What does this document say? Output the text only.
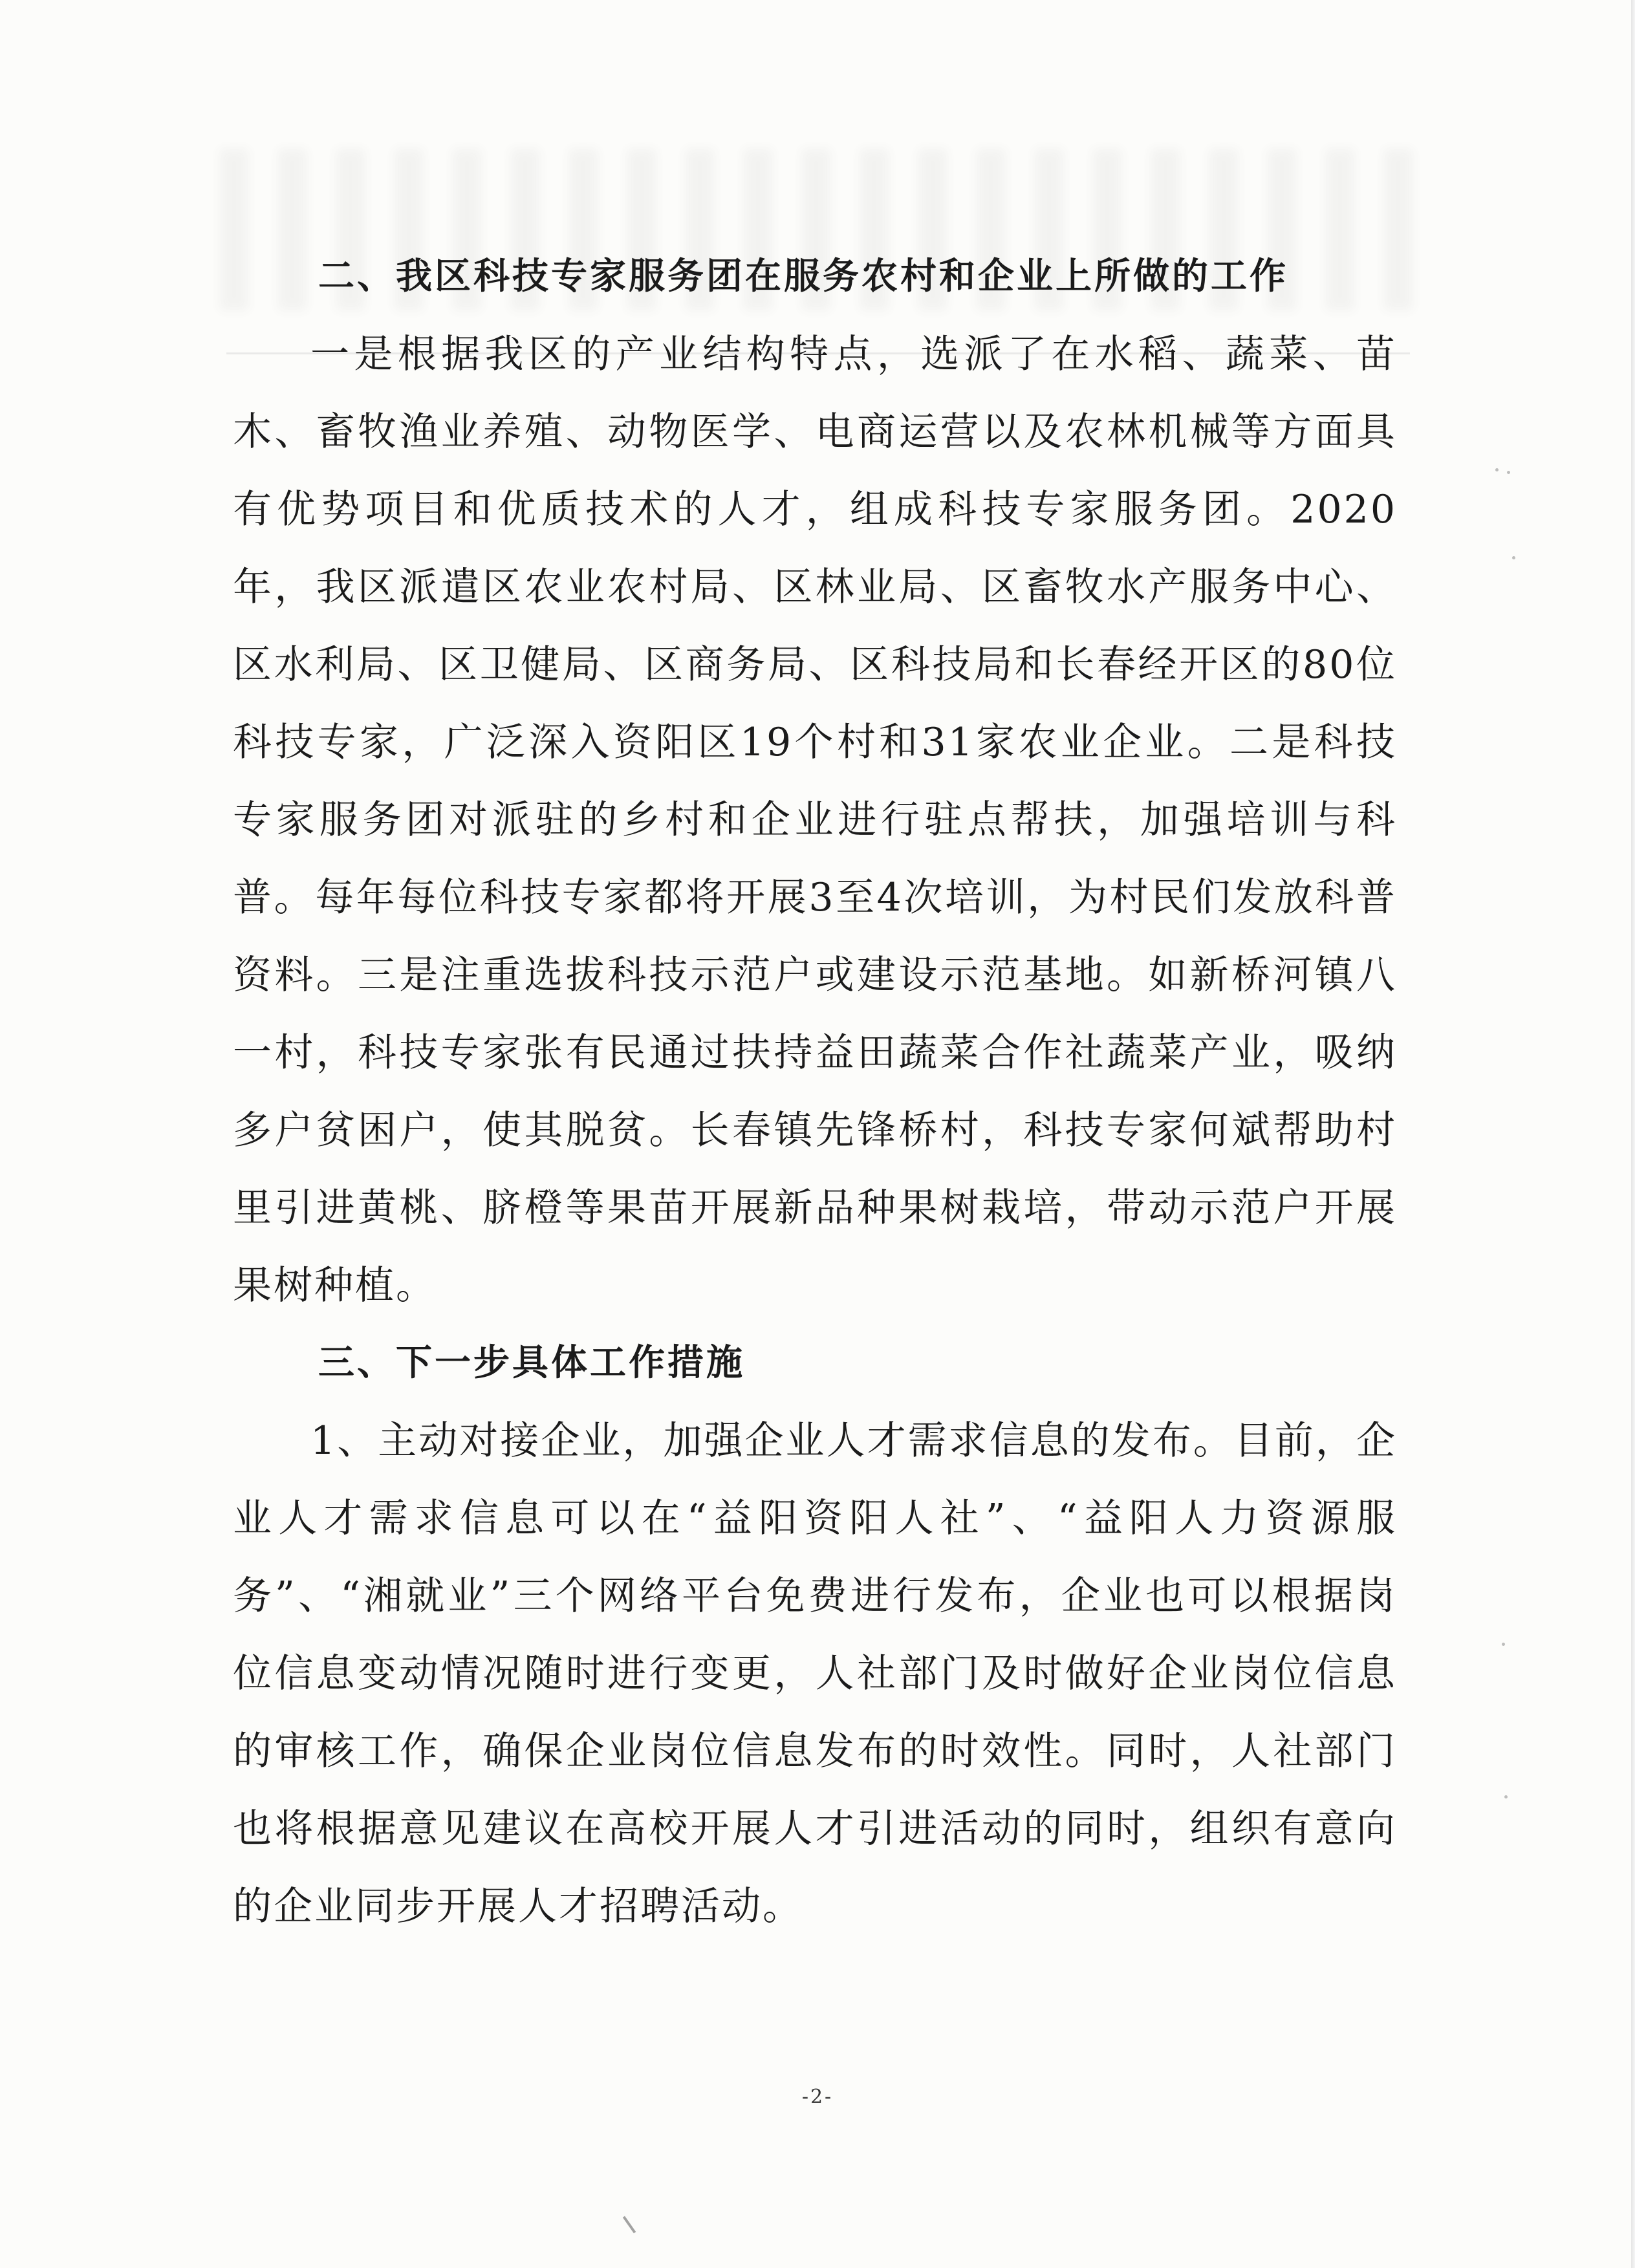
二、我区科技专家服务团在服务农村和企业上所做的工作

一是根据我区的产业结构特点，选派了在水稻、蔬菜、苗木、畜牧渔业养殖、动物医学、电商运营以及农林机械等方面具有优势项目和优质技术的人才，组成科技专家服务团。2020年，我区派遣区农业农村局、区林业局、区畜牧水产服务中心、区水利局、区卫健局、区商务局、区科技局和长春经开区的80位科技专家，广泛深入资阳区19个村和31家农业企业。二是科技专家服务团对派驻的乡村和企业进行驻点帮扶，加强培训与科普。每年每位科技专家都将开展3至4次培训，为村民们发放科普资料。三是注重选拔科技示范户或建设示范基地。如新桥河镇八一村，科技专家张有民通过扶持益田蔬菜合作社蔬菜产业，吸纳多户贫困户，使其脱贫。长春镇先锋桥村，科技专家何斌帮助村里引进黄桃、脐橙等果苗开展新品种果树栽培，带动示范户开展果树种植。

三、下一步具体工作措施

1、主动对接企业，加强企业人才需求信息的发布。目前，企业人才需求信息可以在“益阳资阳人社”、“益阳人力资源服务”、“湘就业”三个网络平台免费进行发布，企业也可以根据岗位信息变动情况随时进行变更，人社部门及时做好企业岗位信息的审核工作，确保企业岗位信息发布的时效性。同时，人社部门也将根据意见建议在高校开展人才引进活动的同时，组织有意向的企业同步开展人才招聘活动。

-2-
